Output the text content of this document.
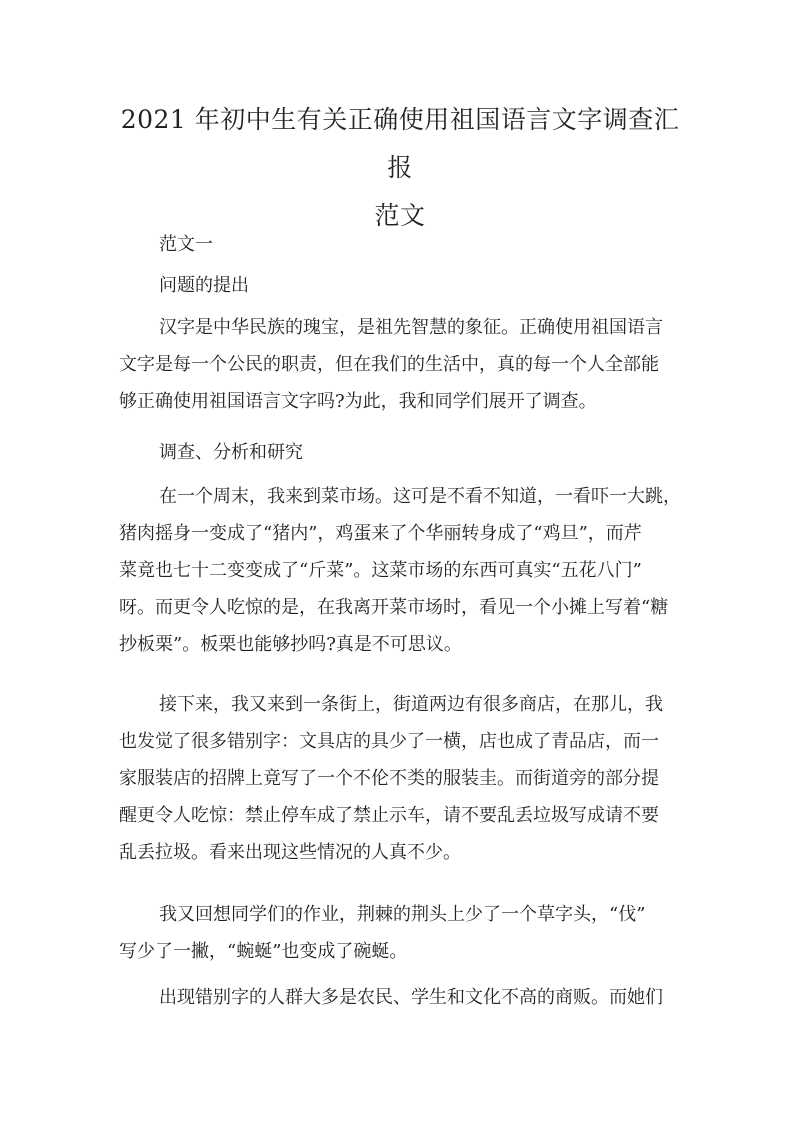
2021 年初中生有关正确使用祖国语言文字调查汇报
范文
范文一
问题的提出
汉字是中华民族的瑰宝，是祖先智慧的象征。正确使用祖国语言
文字是每一个公民的职责，但在我们的生活中，真的每一个人全部能
够正确使用祖国语言文字吗?为此，我和同学们展开了调查。
调查、分析和研究
在一个周末，我来到菜市场。这可是不看不知道，一看吓一大跳，
猪肉摇身一变成了“猪内”，鸡蛋来了个华丽转身成了“鸡旦”，而芹
菜竟也七十二变变成了“斤菜”。这菜市场的东西可真实“五花八门”
呀。而更令人吃惊的是，在我离开菜市场时，看见一个小摊上写着“糖
抄板栗”。板栗也能够抄吗?真是不可思议。
接下来，我又来到一条街上，街道两边有很多商店，在那儿，我
也发觉了很多错别字：文具店的具少了一横，店也成了青品店，而一
家服装店的招牌上竟写了一个不伦不类的服装圭。而街道旁的部分提
醒更令人吃惊：禁止停车成了禁止示车，请不要乱丢垃圾写成请不要
乱丢拉圾。看来出现这些情况的人真不少。
我又回想同学们的作业，荆棘的荆头上少了一个草字头，“伐”
写少了一撇，“蜿蜒”也变成了碗蜒。
出现错别字的人群大多是农民、学生和文化不高的商贩。而她们
